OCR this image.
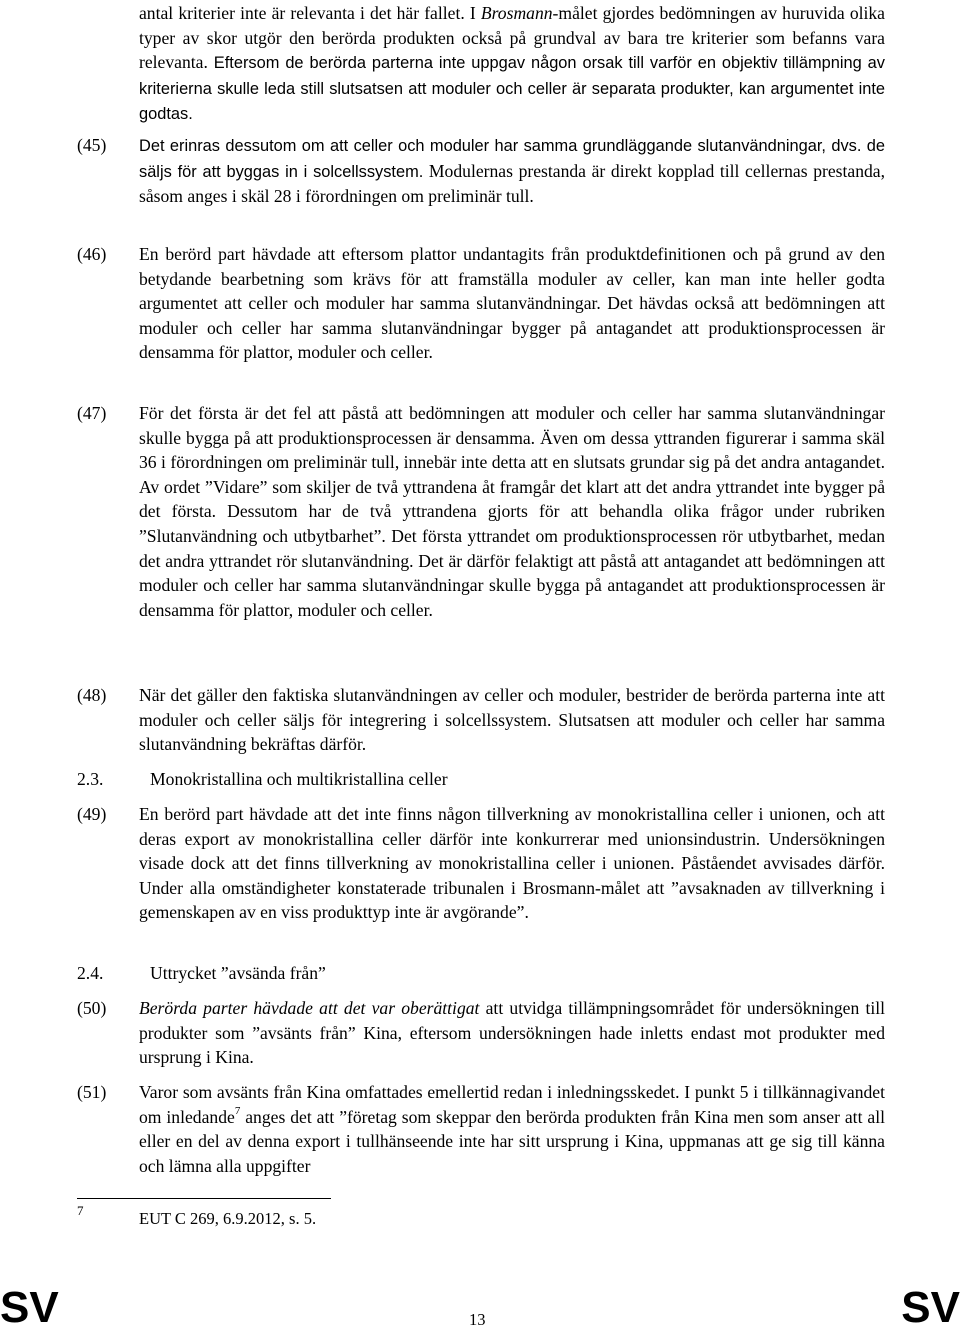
antal kriterier inte är relevanta i det här fallet. I Brosmann-målet gjordes bedömningen av huruvida olika typer av skor utgör den berörda produkten också på grundval av bara tre kriterier som befanns vara relevanta. Eftersom de berörda parterna inte uppgav någon orsak till varför en objektiv tillämpning av kriterierna skulle leda still slutsatsen att moduler och celler är separata produkter, kan argumentet inte godtas.
(45) Det erinras dessutom om att celler och moduler har samma grundläggande slutanvändningar, dvs. de säljs för att byggas in i solcellssystem. Modulernas prestanda är direkt kopplad till cellernas prestanda, såsom anges i skäl 28 i förordningen om preliminär tull.
(46) En berörd part hävdade att eftersom plattor undantagits från produktdefinitionen och på grund av den betydande bearbetning som krävs för att framställa moduler av celler, kan man inte heller godta argumentet att celler och moduler har samma slutanvändningar. Det hävdas också att bedömningen att moduler och celler har samma slutanvändningar bygger på antagandet att produktionsprocessen är densamma för plattor, moduler och celler.
(47) För det första är det fel att påstå att bedömningen att moduler och celler har samma slutanvändningar skulle bygga på att produktionsprocessen är densamma. Även om dessa yttranden figurerar i samma skäl 36 i förordningen om preliminär tull, innebär inte detta att en slutsats grundar sig på det andra antagandet. Av ordet ”Vidare” som skiljer de två yttrandena åt framgår det klart att det andra yttrandet inte bygger på det första. Dessutom har de två yttrandena gjorts för att behandla olika frågor under rubriken ”Slutanvändning och utbytbarhet”. Det första yttrandet om produktionsprocessen rör utbytbarhet, medan det andra yttrandet rör slutanvändning. Det är därför felaktigt att påstå att antagandet att bedömningen att moduler och celler har samma slutanvändningar skulle bygga på antagandet att produktionsprocessen är densamma för plattor, moduler och celler.
(48) När det gäller den faktiska slutanvändningen av celler och moduler, bestrider de berörda parterna inte att moduler och celler säljs för integrering i solcellssystem. Slutsatsen att moduler och celler har samma slutanvändning bekräftas därför.
2.3.	Monokristallina och multikristallina celler
(49) En berörd part hävdade att det inte finns någon tillverkning av monokristallina celler i unionen, och att deras export av monokristallina celler därför inte konkurrerar med unionsindustrin. Undersökningen visade dock att det finns tillverkning av monokristallina celler i unionen. Påståendet avvisades därför. Under alla omständigheter konstaterade tribunalen i Brosmann-målet att ”avsaknaden av tillverkning i gemenskapen av en viss produkttyp inte är avgörande”.
2.4.	Uttrycket ”avsända från”
(50) Berörda parter hävdade att det var oberättigat att utvidga tillämpningsområdet för undersökningen till produkter som ”avsänts från” Kina, eftersom undersökningen hade inletts endast mot produkter med ursprung i Kina.
(51) Varor som avsänts från Kina omfattades emellertid redan i inledningsskedet. I punkt 5 i tillkännagivandet om inledande$^7$ anges det att ”företag som skeppar den berörda produkten från Kina men som anser att all eller en del av denna export i tullhänseende inte har sitt ursprung i Kina, uppmanas att ge sig till känna och lämna alla uppgifter
7	EUT C 269, 6.9.2012, s. 5.
SV	13	SV
